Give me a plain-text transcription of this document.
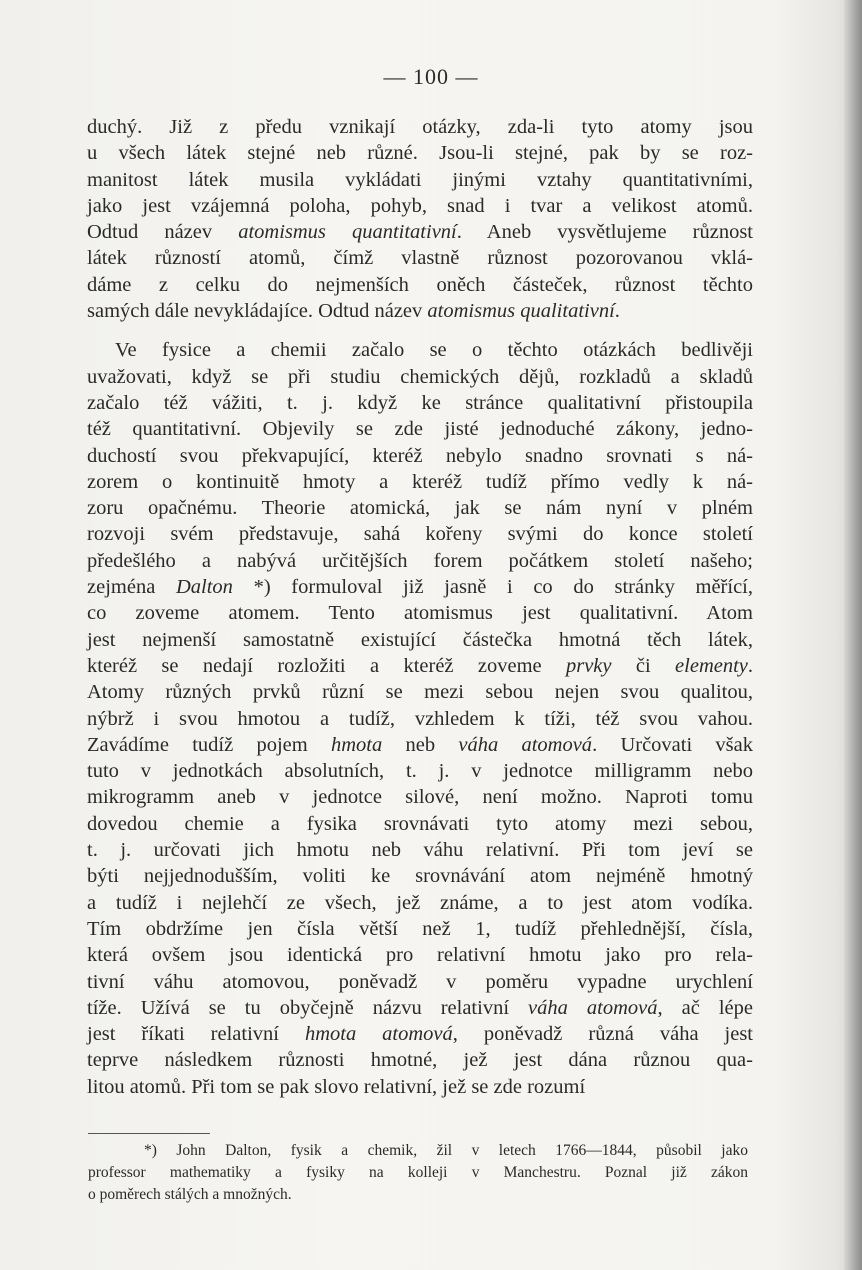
— 100 —
duchý. Již z předu vznikají otázky, zda-li tyto atomy jsou
u všech látek stejné neb různé. Jsou-li stejné, pak by se roz-
manitost látek musila vykládati jinými vztahy quantitativními,
jako jest vzájemná poloha, pohyb, snad i tvar a velikost atomů.
Odtud název atomismus quantitativní. Aneb vysvětlujeme různost
látek růzností atomů, čímž vlastně různost pozorovanou vklá-
dáme z celku do nejmenších oněch částeček, různost těchto
samých dále nevykládajíce. Odtud název atomismus qualitativní.
Ve fysice a chemii začalo se o těchto otázkách bedlivěji
uvažovati, když se při studiu chemických dějů, rozkladů a skladů
začalo též vážiti, t. j. když ke stránce qualitativní přistoupila
též quantitativní. Objevily se zde jisté jednoduché zákony, jedno-
duchostí svou překvapující, kteréž nebylo snadno srovnati s ná-
zorem o kontinuitě hmoty a kteréž tudíž přímo vedly k ná-
zoru opačnému. Theorie atomická, jak se nám nyní v plném
rozvoji svém představuje, sahá kořeny svými do konce století
předešlého a nabývá určitějších forem počátkem století našeho;
zejména Dalton *) formuloval již jasně i co do stránky měřící,
co zoveme atomem. Tento atomismus jest qualitativní. Atom
jest nejmenší samostatně existující částečka hmotná těch látek,
kteréž se nedají rozložiti a kteréž zoveme prvky či elementy.
Atomy různých prvků různí se mezi sebou nejen svou qualitou,
nýbrž i svou hmotou a tudíž, vzhledem k tíži, též svou vahou.
Zavádíme tudíž pojem hmota neb váha atomová. Určovati však
tuto v jednotkách absolutních, t. j. v jednotce milligramm nebo
mikrogramm aneb v jednotce silové, není možno. Naproti tomu
dovedou chemie a fysika srovnávati tyto atomy mezi sebou,
t. j. určovati jich hmotu neb váhu relativní. Při tom jeví se
býti nejjednodušším, voliti ke srovnávání atom nejméně hmotný
a tudíž i nejlehčí ze všech, jež známe, a to jest atom vodíka.
Tím obdržíme jen čísla větší než 1, tudíž přehlednější, čísla,
která ovšem jsou identická pro relativní hmotu jako pro rela-
tivní váhu atomovou, poněvadž v poměru vypadne urychlení
tíže. Užívá se tu obyčejně názvu relativní váha atomová, ač lépe
jest říkati relativní hmota atomová, poněvadž různá váha jest
teprve následkem různosti hmotné, jež jest dána různou qua-
litou atomů. Při tom se pak slovo relativní, jež se zde rozumí
*) John Dalton, fysik a chemik, žil v letech 1766—1844, působil jako
professor mathematiky a fysiky na kolleji v Manchestru. Poznal již zákon
o poměrech stálých a množných.
